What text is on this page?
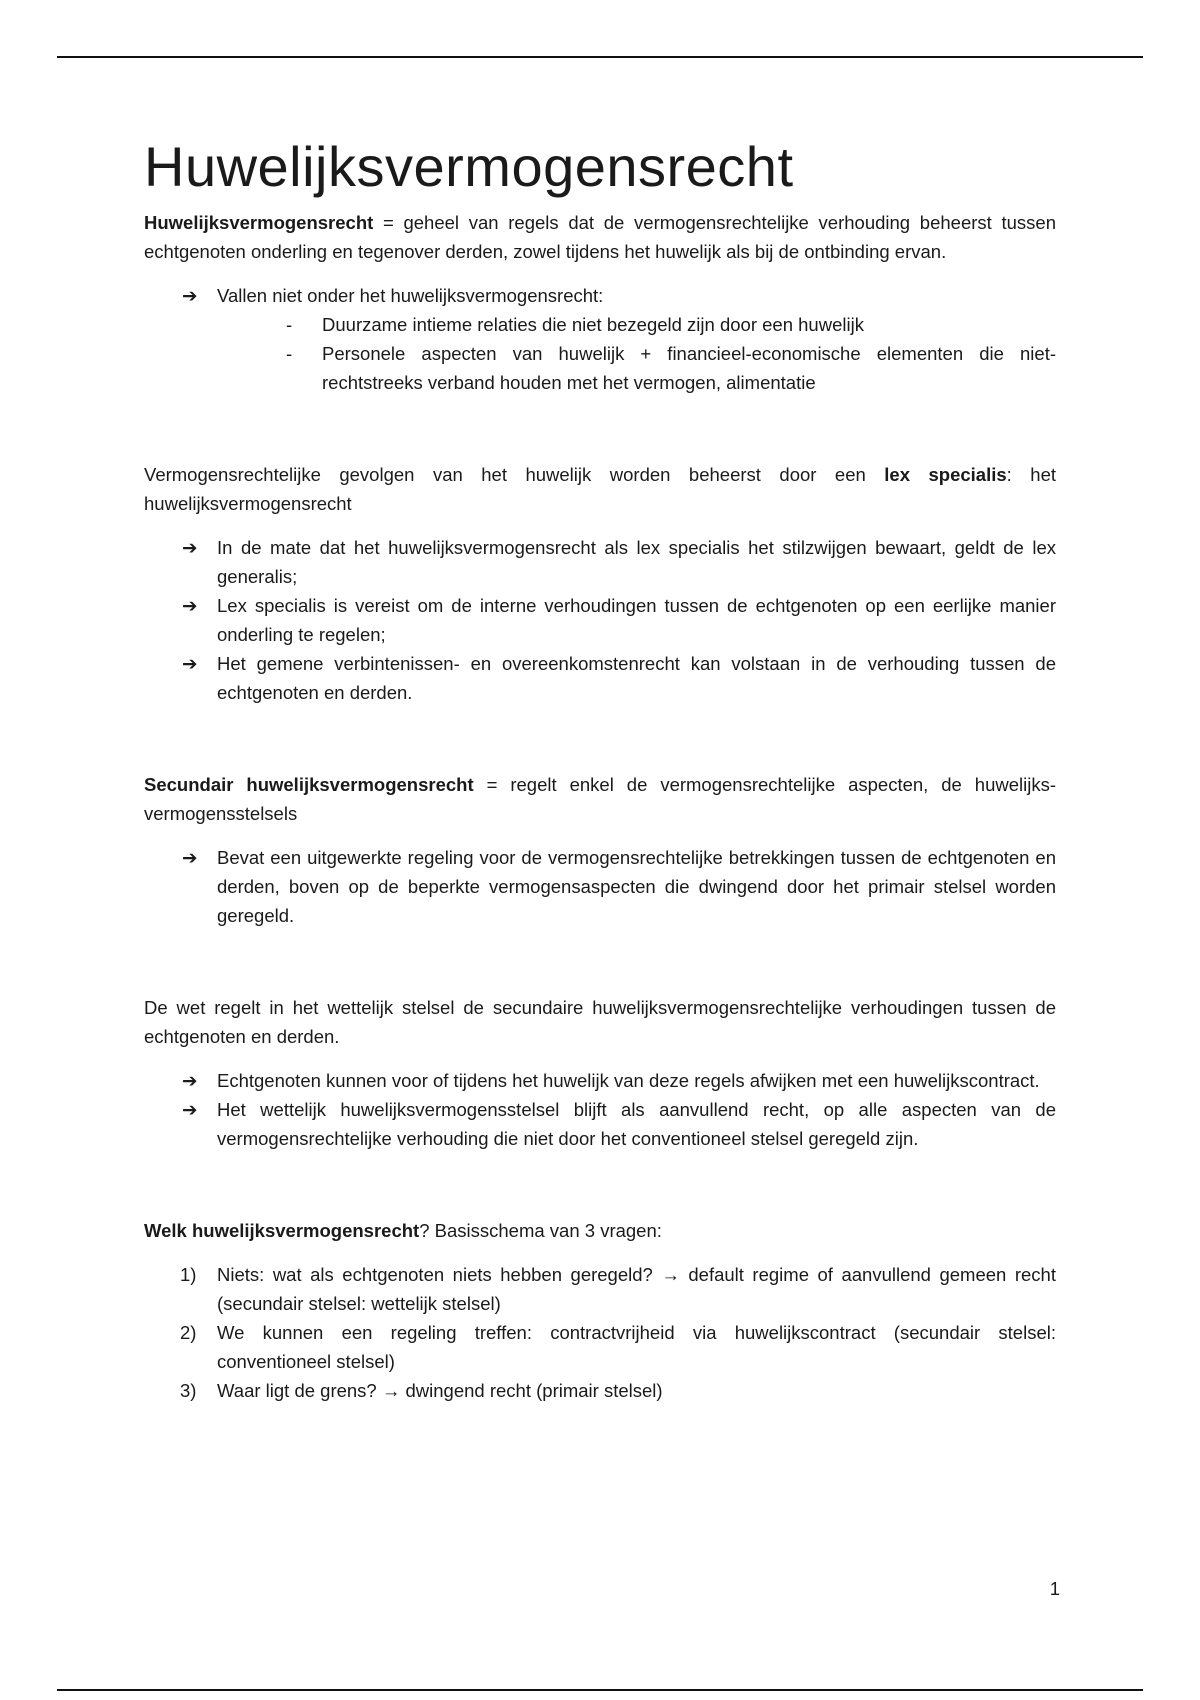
Huwelijksvermogensrecht

Huwelijksvermogensrecht = geheel van regels dat de vermogensrechtelijke verhouding beheerst tussen echtgenoten onderling en tegenover derden, zowel tijdens het huwelijk als bij de ontbinding ervan.

➔ Vallen niet onder het huwelijksvermogensrecht:
- Duurzame intieme relaties die niet bezegeld zijn door een huwelijk
- Personele aspecten van huwelijk + financieel-economische elementen die niet-rechtstreeks verband houden met het vermogen, alimentatie

Vermogensrechtelijke gevolgen van het huwelijk worden beheerst door een lex specialis: het huwelijksvermogensrecht

➔ In de mate dat het huwelijksvermogensrecht als lex specialis het stilzwijgen bewaart, geldt de lex generalis;
➔ Lex specialis is vereist om de interne verhoudingen tussen de echtgenoten op een eerlijke manier onderling te regelen;
➔ Het gemene verbintenissen- en overeenkomstenrecht kan volstaan in de verhouding tussen de echtgenoten en derden.

Secundair huwelijksvermogensrecht = regelt enkel de vermogensrechtelijke aspecten, de huwelijks-vermogensstelsels

➔ Bevat een uitgewerkte regeling voor de vermogensrechtelijke betrekkingen tussen de echtgenoten en derden, boven op de beperkte vermogensaspecten die dwingend door het primair stelsel worden geregeld.

De wet regelt in het wettelijk stelsel de secundaire huwelijksvermogensrechtelijke verhoudingen tussen de echtgenoten en derden.

➔ Echtgenoten kunnen voor of tijdens het huwelijk van deze regels afwijken met een huwelijkscontract.
➔ Het wettelijk huwelijksvermogensstelsel blijft als aanvullend recht, op alle aspecten van de vermogensrechtelijke verhouding die niet door het conventioneel stelsel geregeld zijn.

Welk huwelijksvermogensrecht? Basisschema van 3 vragen:

1) Niets: wat als echtgenoten niets hebben geregeld? → default regime of aanvullend gemeen recht (secundair stelsel: wettelijk stelsel)
2) We kunnen een regeling treffen: contractvrijheid via huwelijkscontract (secundair stelsel: conventioneel stelsel)
3) Waar ligt de grens? → dwingend recht (primair stelsel)
1
